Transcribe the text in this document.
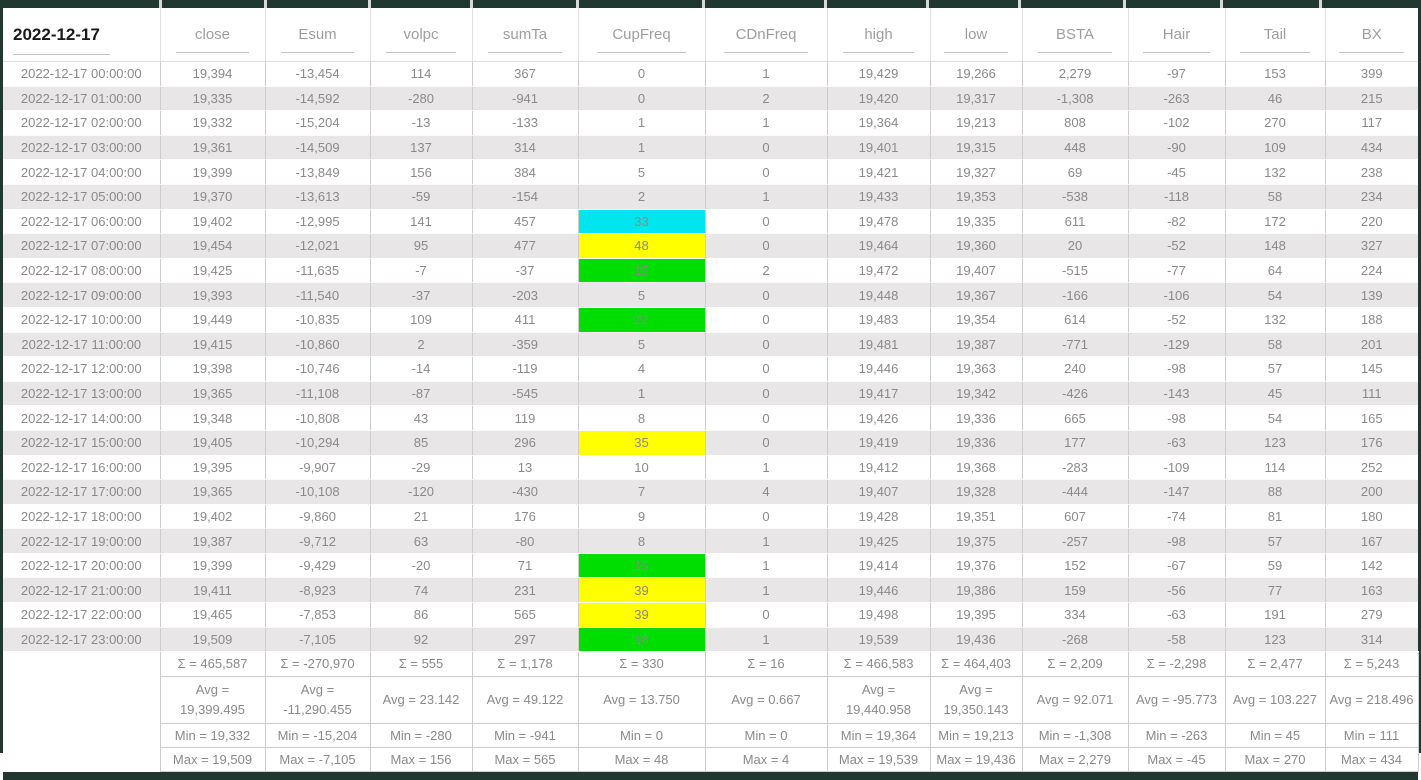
2022-12-17	close	Esum	volpc	sumTa	CupFreq	CDnFreq	high	low	BSTA	Hair	Tail	BX

2022-12-17 00:00:00	19,394	-13,454	114	367	0	1	19,429	19,266	2,279	-97	153	399
2022-12-17 01:00:00	19,335	-14,592	-280	-941	0	2	19,420	19,317	-1,308	-263	46	215
2022-12-17 02:00:00	19,332	-15,204	-13	-133	1	1	19,364	19,213	808	-102	270	117
2022-12-17 03:00:00	19,361	-14,509	137	314	1	0	19,401	19,315	448	-90	109	434
2022-12-17 04:00:00	19,399	-13,849	156	384	5	0	19,421	19,327	69	-45	132	238
2022-12-17 05:00:00	19,370	-13,613	-59	-154	2	1	19,433	19,353	-538	-118	58	234
2022-12-17 06:00:00	19,402	-12,995	141	457	33	0	19,478	19,335	611	-82	172	220
2022-12-17 07:00:00	19,454	-12,021	95	477	48	0	19,464	19,360	20	-52	148	327
2022-12-17 08:00:00	19,425	-11,635	-7	-37	15	2	19,472	19,407	-515	-77	64	224
2022-12-17 09:00:00	19,393	-11,540	-37	-203	5	0	19,448	19,367	-166	-106	54	139
2022-12-17 10:00:00	19,449	-10,835	109	411	22	0	19,483	19,354	614	-52	132	188
2022-12-17 11:00:00	19,415	-10,860	2	-359	5	0	19,481	19,387	-771	-129	58	201
2022-12-17 12:00:00	19,398	-10,746	-14	-119	4	0	19,446	19,363	240	-98	57	145
2022-12-17 13:00:00	19,365	-11,108	-87	-545	1	0	19,417	19,342	-426	-143	45	111
2022-12-17 14:00:00	19,348	-10,808	43	119	8	0	19,426	19,336	665	-98	54	165
2022-12-17 15:00:00	19,405	-10,294	85	296	35	0	19,419	19,336	177	-63	123	176
2022-12-17 16:00:00	19,395	-9,907	-29	13	10	1	19,412	19,368	-283	-109	114	252
2022-12-17 17:00:00	19,365	-10,108	-120	-430	7	4	19,407	19,328	-444	-147	88	200
2022-12-17 18:00:00	19,402	-9,860	21	176	9	0	19,428	19,351	607	-74	81	180
2022-12-17 19:00:00	19,387	-9,712	63	-80	8	1	19,425	19,375	-257	-98	57	167
2022-12-17 20:00:00	19,399	-9,429	-20	71	15	1	19,414	19,376	152	-67	59	142
2022-12-17 21:00:00	19,411	-8,923	74	231	39	1	19,446	19,386	159	-56	77	163
2022-12-17 22:00:00	19,465	-7,853	86	565	39	0	19,498	19,395	334	-63	191	279
2022-12-17 23:00:00	19,509	-7,105	92	297	18	1	19,539	19,436	-268	-58	123	314
	Σ = 465,587	Σ = -270,970	Σ = 555	Σ = 1,178	Σ = 330	Σ = 16	Σ = 466,583	Σ = 464,403	Σ = 2,209	Σ = -2,298	Σ = 2,477	Σ = 5,243
	Avg = 19,399.495	Avg = -11,290.455	Avg = 23.142	Avg = 49.122	Avg = 13.750	Avg = 0.667	Avg = 19,440.958	Avg = 19,350.143	Avg = 92.071	Avg = -95.773	Avg = 103.227	Avg = 218.496
	Min = 19,332	Min = -15,204	Min = -280	Min = -941	Min = 0	Min = 0	Min = 19,364	Min = 19,213	Min = -1,308	Min = -263	Min = 45	Min = 111
	Max = 19,509	Max = -7,105	Max = 156	Max = 565	Max = 48	Max = 4	Max = 19,539	Max = 19,436	Max = 2,279	Max = -45	Max = 270	Max = 434
